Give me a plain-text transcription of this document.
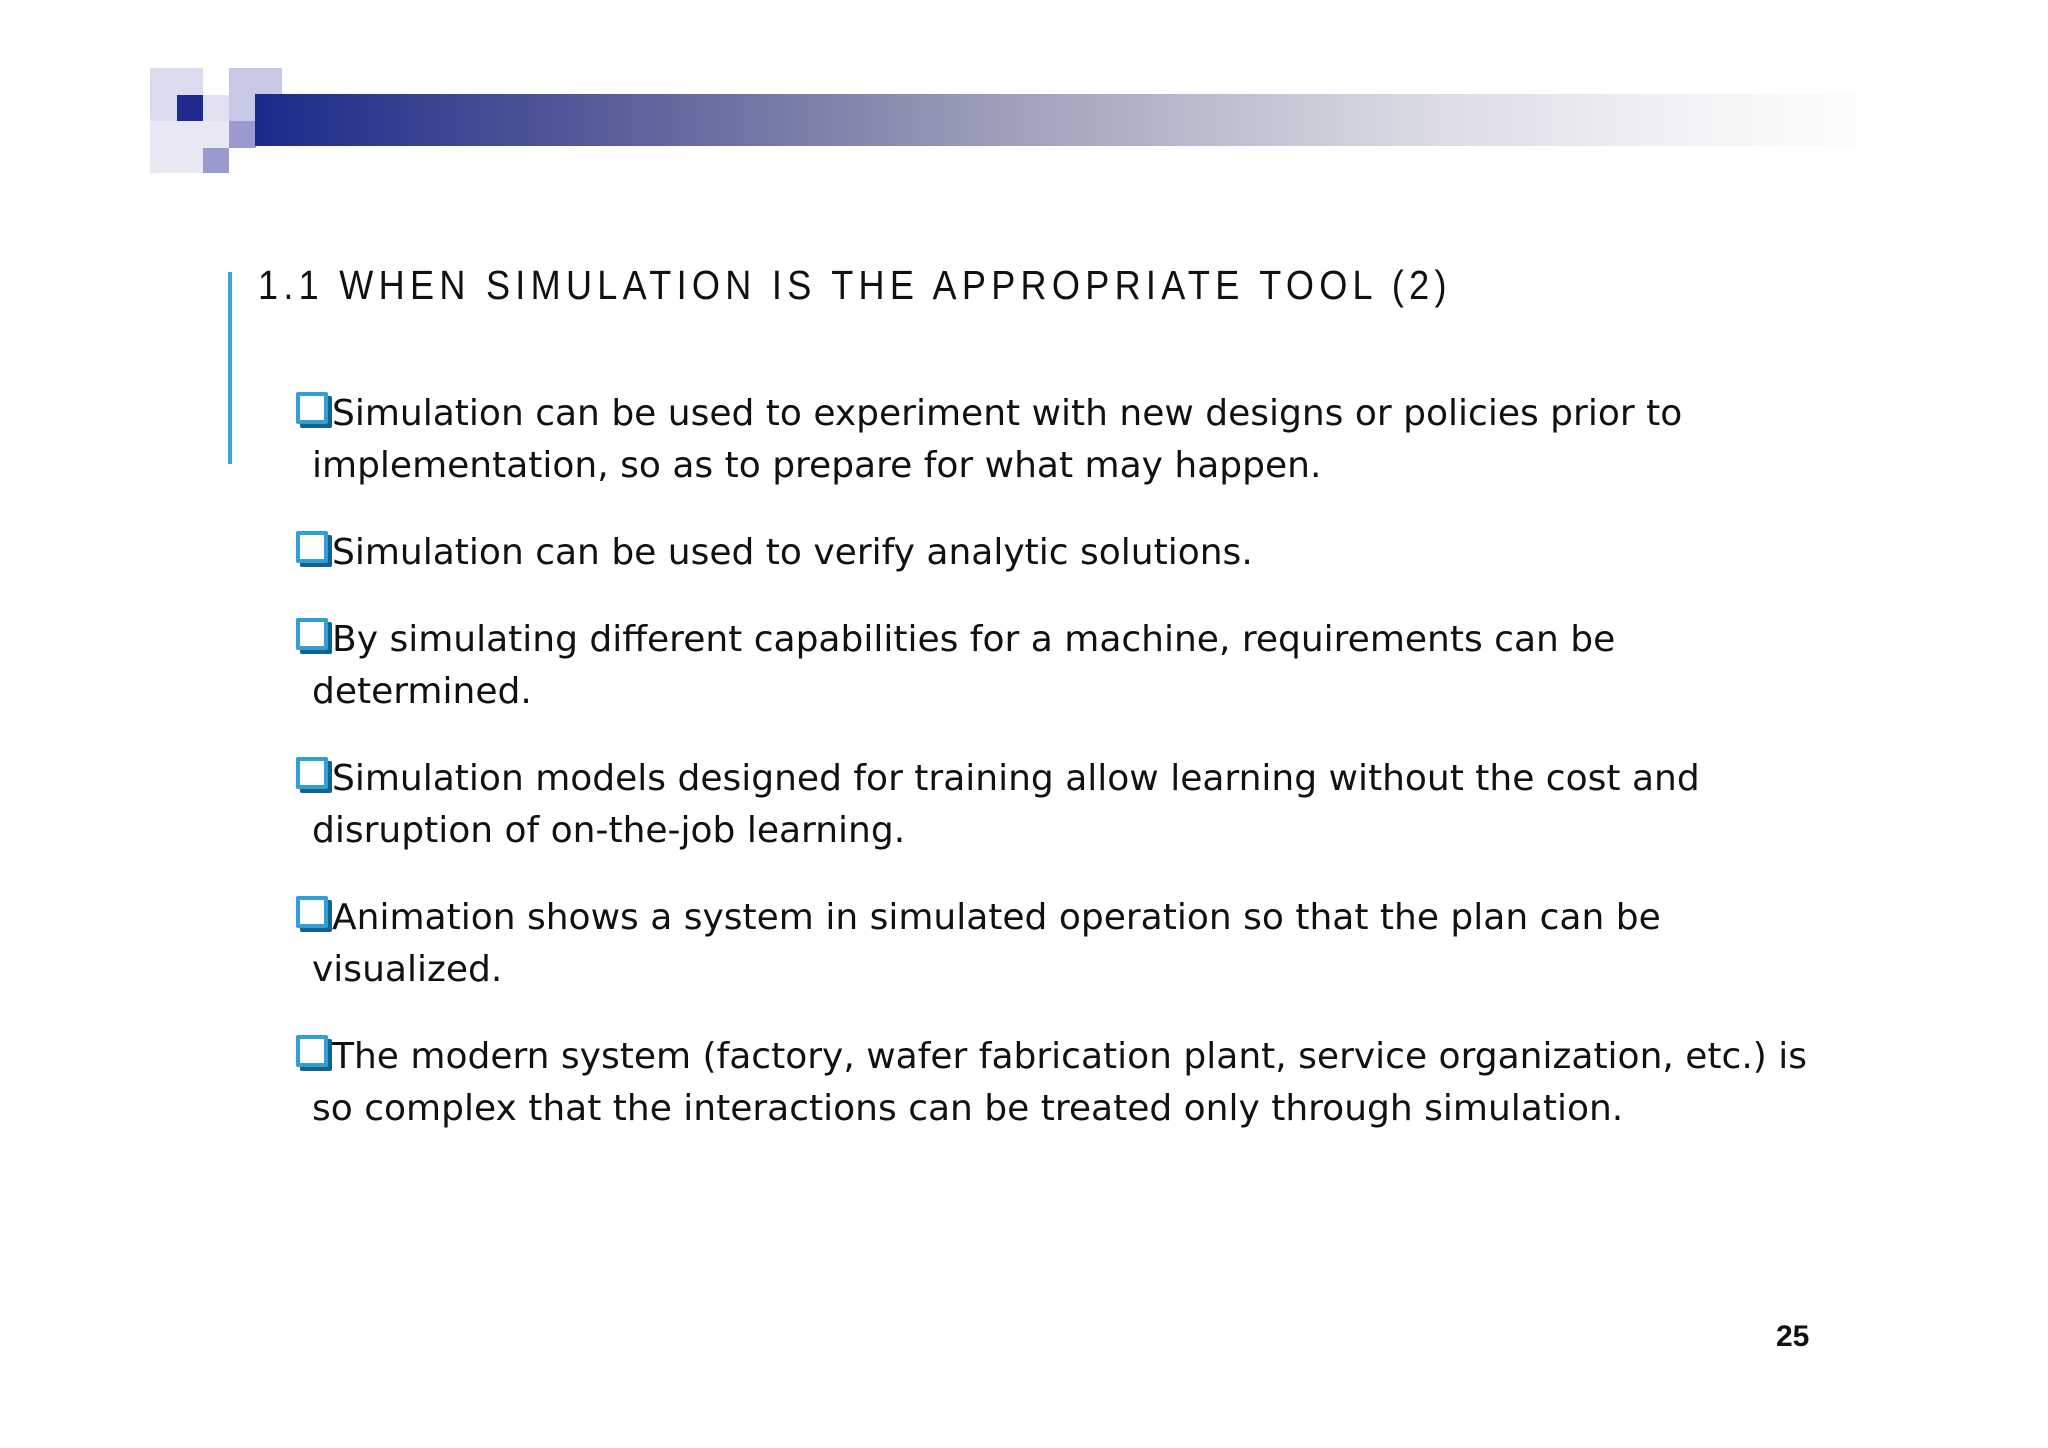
1.1 WHEN SIMULATION IS THE APPROPRIATE TOOL (2)
Simulation can be used to experiment with new designs or policies prior to implementation, so as to prepare for what may happen.
Simulation can be used to verify analytic solutions.
By simulating different capabilities for a machine, requirements can be determined.
Simulation models designed for training allow learning without the cost and disruption of on-the-job learning.
Animation shows a system in simulated operation so that the plan can be visualized.
The modern system (factory, wafer fabrication plant, service organization, etc.) is so complex that the interactions can be treated only through simulation.
25
